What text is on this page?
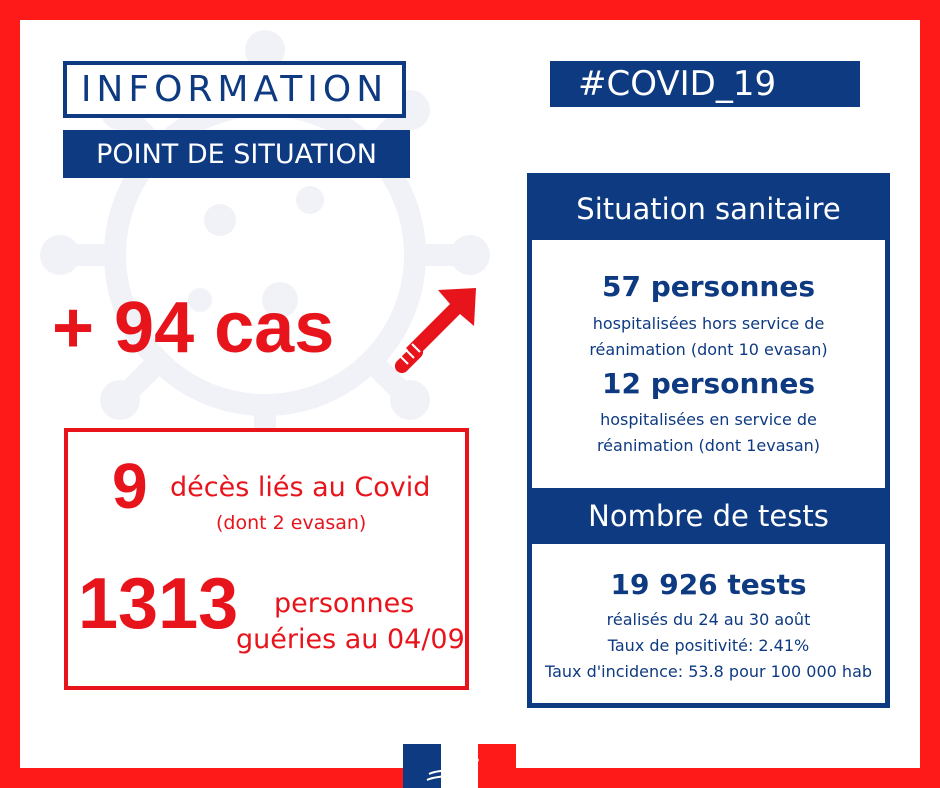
INFORMATION
POINT DE SITUATION
#COVID_19
+ 94 cas
9 décès liés au Covid
(dont 2 evasan)
1313 personnes
guéries au 04/09
Situation sanitaire
57 personnes
hospitalisées hors service de
réanimation (dont 10 evasan)
12 personnes
hospitalisées en service de
réanimation (dont 1evasan)
Nombre de tests
19 926 tests
réalisés du 24 au 30 août
Taux de positivité: 2.41%
Taux d'incidence: 53.8 pour 100 000 hab
